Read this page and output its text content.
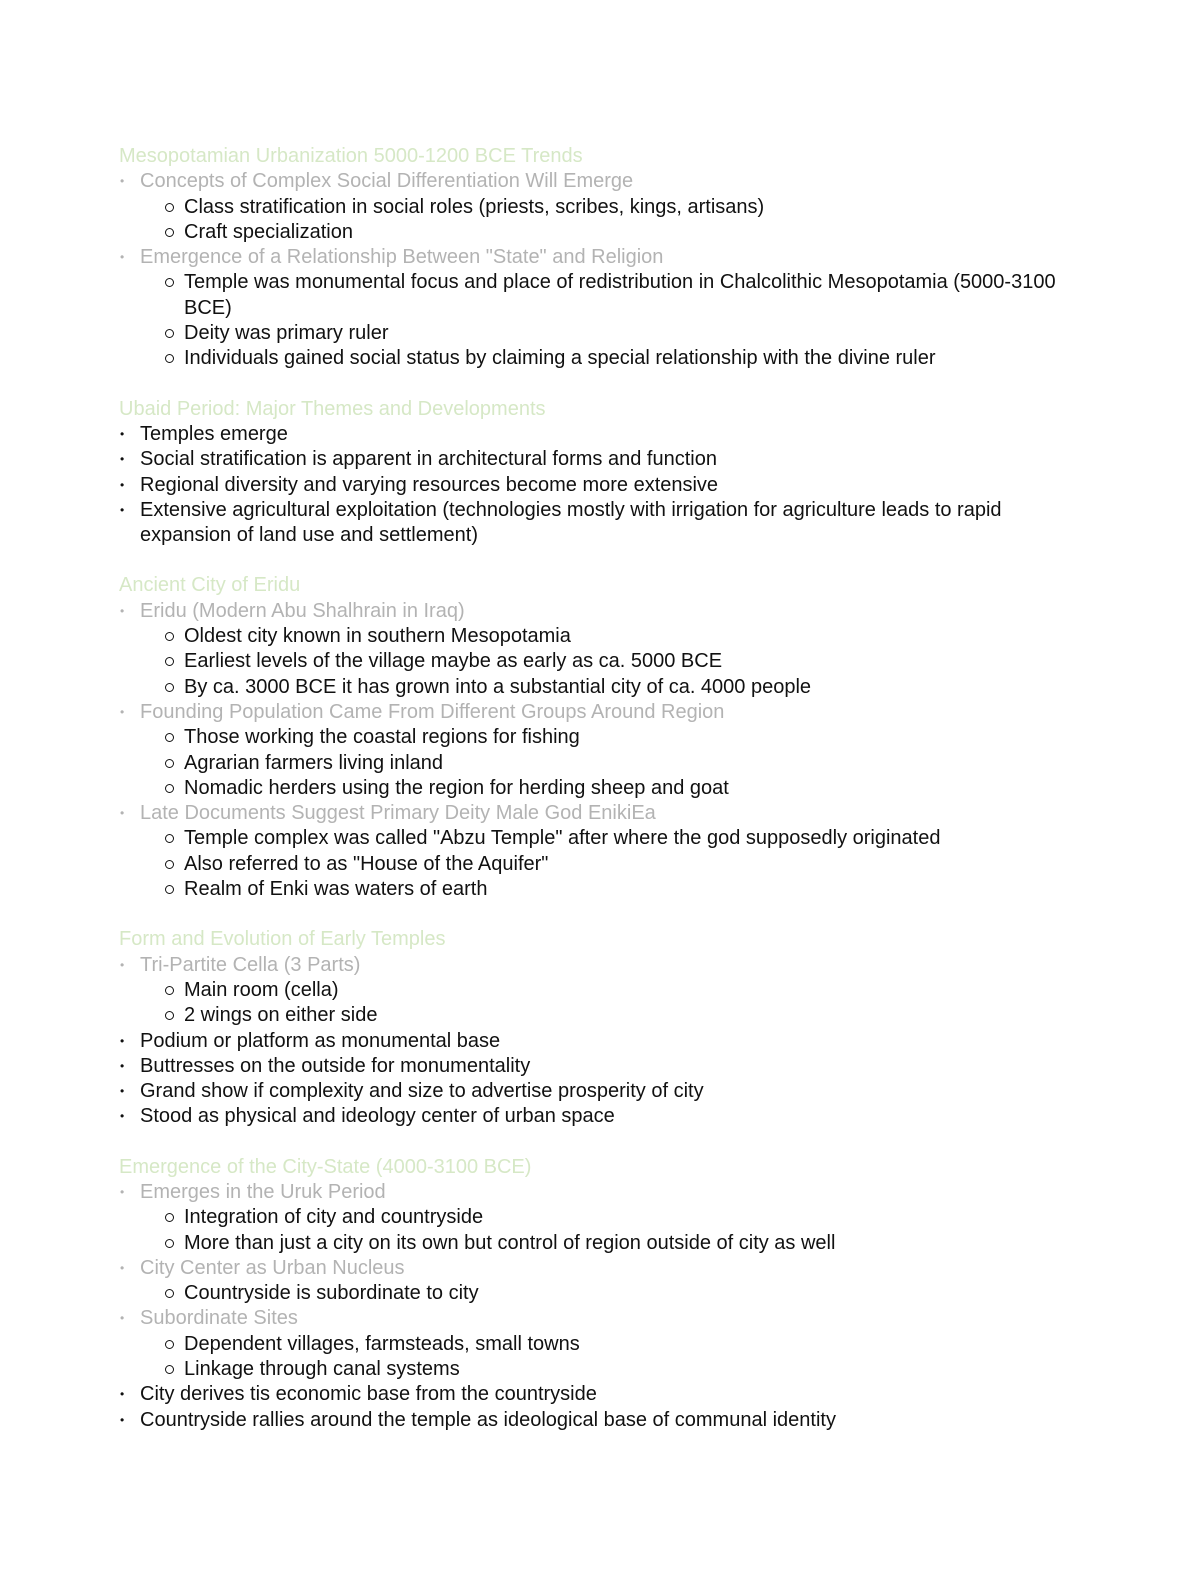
Mesopotamian Urbanization 5000-1200 BCE Trends
• Concepts of Complex Social Differentiation Will Emerge
Class stratification in social roles (priests, scribes, kings, artisans)
Craft specialization
• Emergence of a Relationship Between "State" and Religion
Temple was monumental focus and place of redistribution in Chalcolithic Mesopotamia (5000-3100 BCE)
Deity was primary ruler
Individuals gained social status by claiming a special relationship with the divine ruler
Ubaid Period: Major Themes and Developments
• Temples emerge
• Social stratification is apparent in architectural forms and function
• Regional diversity and varying resources become more extensive
• Extensive agricultural exploitation (technologies mostly with irrigation for agriculture leads to rapid expansion of land use and settlement)
Ancient City of Eridu
• Eridu (Modern Abu Shalhrain in Iraq)
Oldest city known in southern Mesopotamia
Earliest levels of the village maybe as early as ca. 5000 BCE
By ca. 3000 BCE it has grown into a substantial city of ca. 4000 people
• Founding Population Came From Different Groups Around Region
Those working the coastal regions for fishing
Agrarian farmers living inland
Nomadic herders using the region for herding sheep and goat
• Late Documents Suggest Primary Deity Male God EnikiEa
Temple complex was called "Abzu Temple" after where the god supposedly originated
Also referred to as "House of the Aquifer"
Realm of Enki was waters of earth
Form and Evolution of Early Temples
• Tri-Partite Cella (3 Parts)
Main room (cella)
2 wings on either side
• Podium or platform as monumental base
• Buttresses on the outside for monumentality
• Grand show if complexity and size to advertise prosperity of city
• Stood as physical and ideology center of urban space
Emergence of the City-State (4000-3100 BCE)
• Emerges in the Uruk Period
Integration of city and countryside
More than just a city on its own but control of region outside of city as well
• City Center as Urban Nucleus
Countryside is subordinate to city
• Subordinate Sites
Dependent villages, farmsteads, small towns
Linkage through canal systems
• City derives tis economic base from the countryside
• Countryside rallies around the temple as ideological base of communal identity
